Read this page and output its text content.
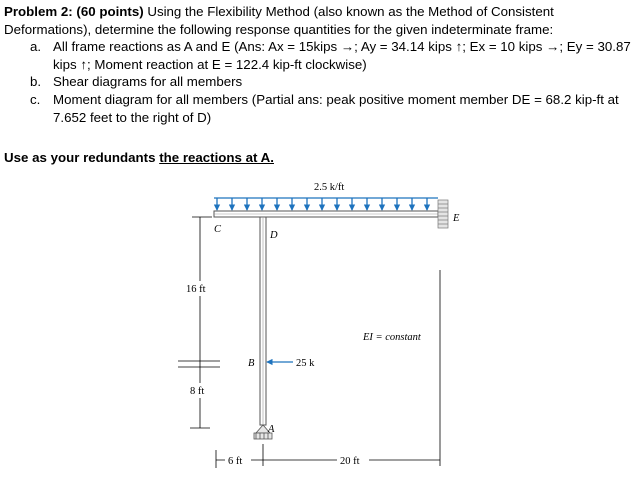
Problem 2: (60 points) Using the Flexibility Method (also known as the Method of Consistent
Deformations), determine the following response quantities for the given indeterminate frame:
a. All frame reactions as A and E (Ans: Ax = 15kips →; Ay = 34.14 kips ↑; Ex = 10 kips →; Ey = 30.87
kips ↑; Moment reaction at E = 122.4 kip-ft clockwise)
b. Shear diagrams for all members
c. Moment diagram for all members (Partial ans: peak positive moment member DE = 68.2 kip-ft at
7.652 feet to the right of D)
Use as your redundants the reactions at A.
2.5 k/ft
25 k
C
D
E
B
A
EI = constant
16 ft
8 ft
6 ft	20 ft
